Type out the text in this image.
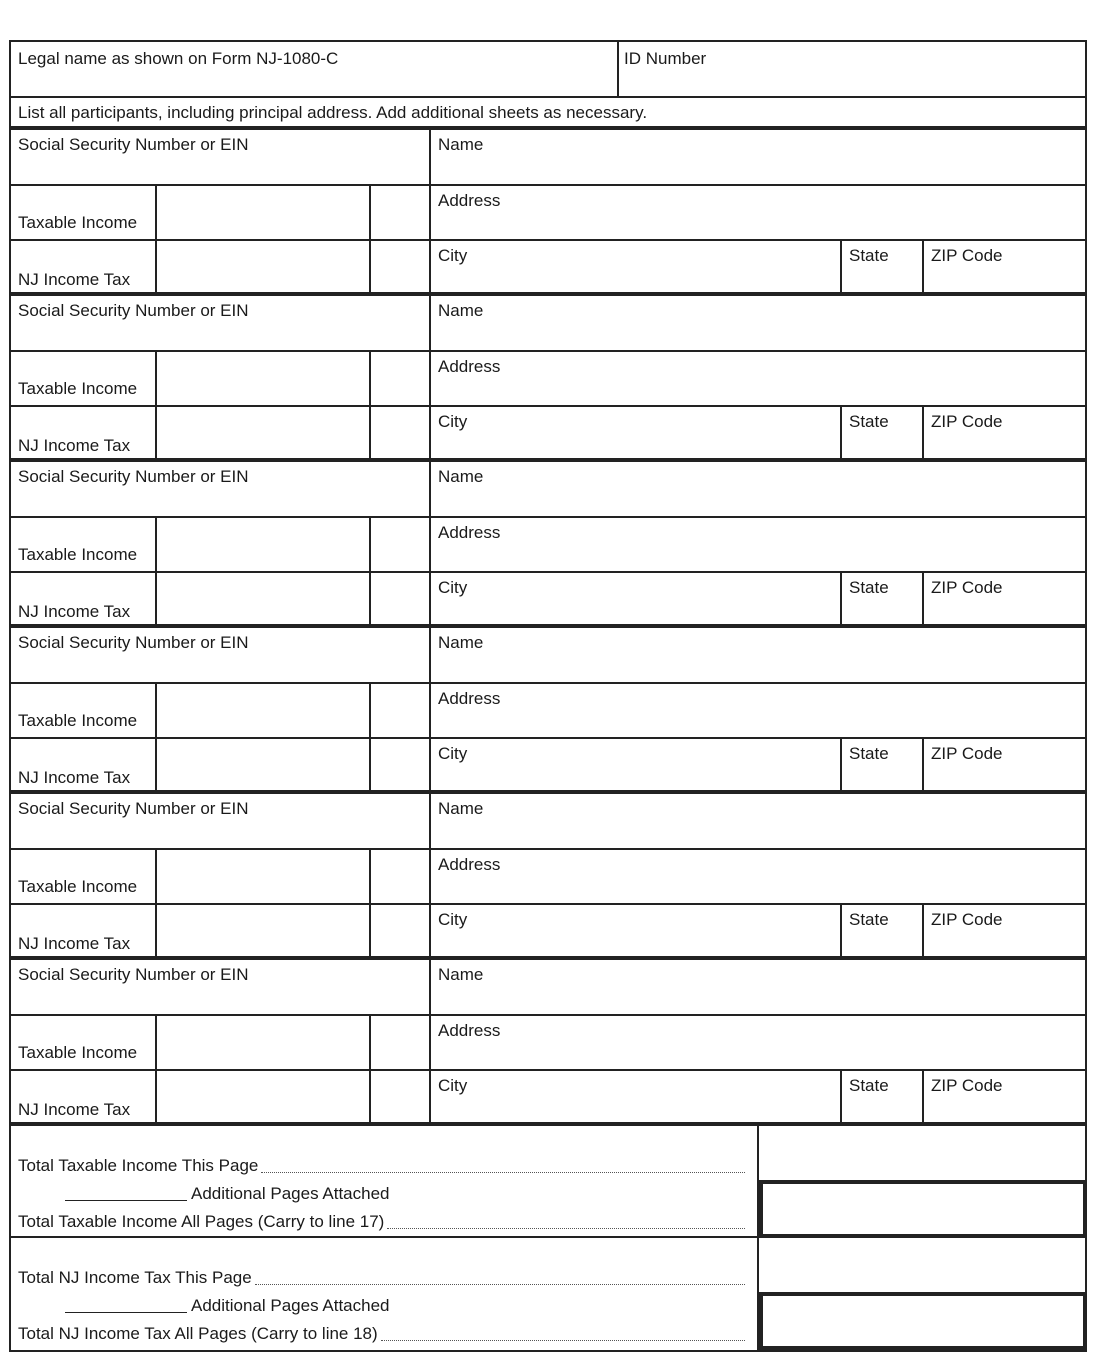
Legal name as shown on Form NJ-1080-C	ID Number
List all participants, including principal address. Add additional sheets as necessary.
Social Security Number or EIN	Name
Taxable Income
Address
NJ Income Tax
City	State ZIP Code
Social Security Number or EIN	Name
Taxable Income
Address
NJ Income Tax
City	State ZIP Code
Social Security Number or EIN	Name
Taxable Income
Address
NJ Income Tax
City	State ZIP Code
Social Security Number or EIN	Name
Taxable Income
Address
NJ Income Tax
City	State ZIP Code
Social Security Number or EIN	Name
Taxable Income
Address
NJ Income Tax
City	State ZIP Code
Social Security Number or EIN	Name
Taxable Income
Address
NJ Income Tax
City	State ZIP Code
Total Taxable Income This Page
Additional Pages Attached
Total Taxable Income All Pages (Carry to line 17)
Total NJ Income Tax This Page
Additional Pages Attached
Total NJ Income Tax All Pages (Carry to line 18)
